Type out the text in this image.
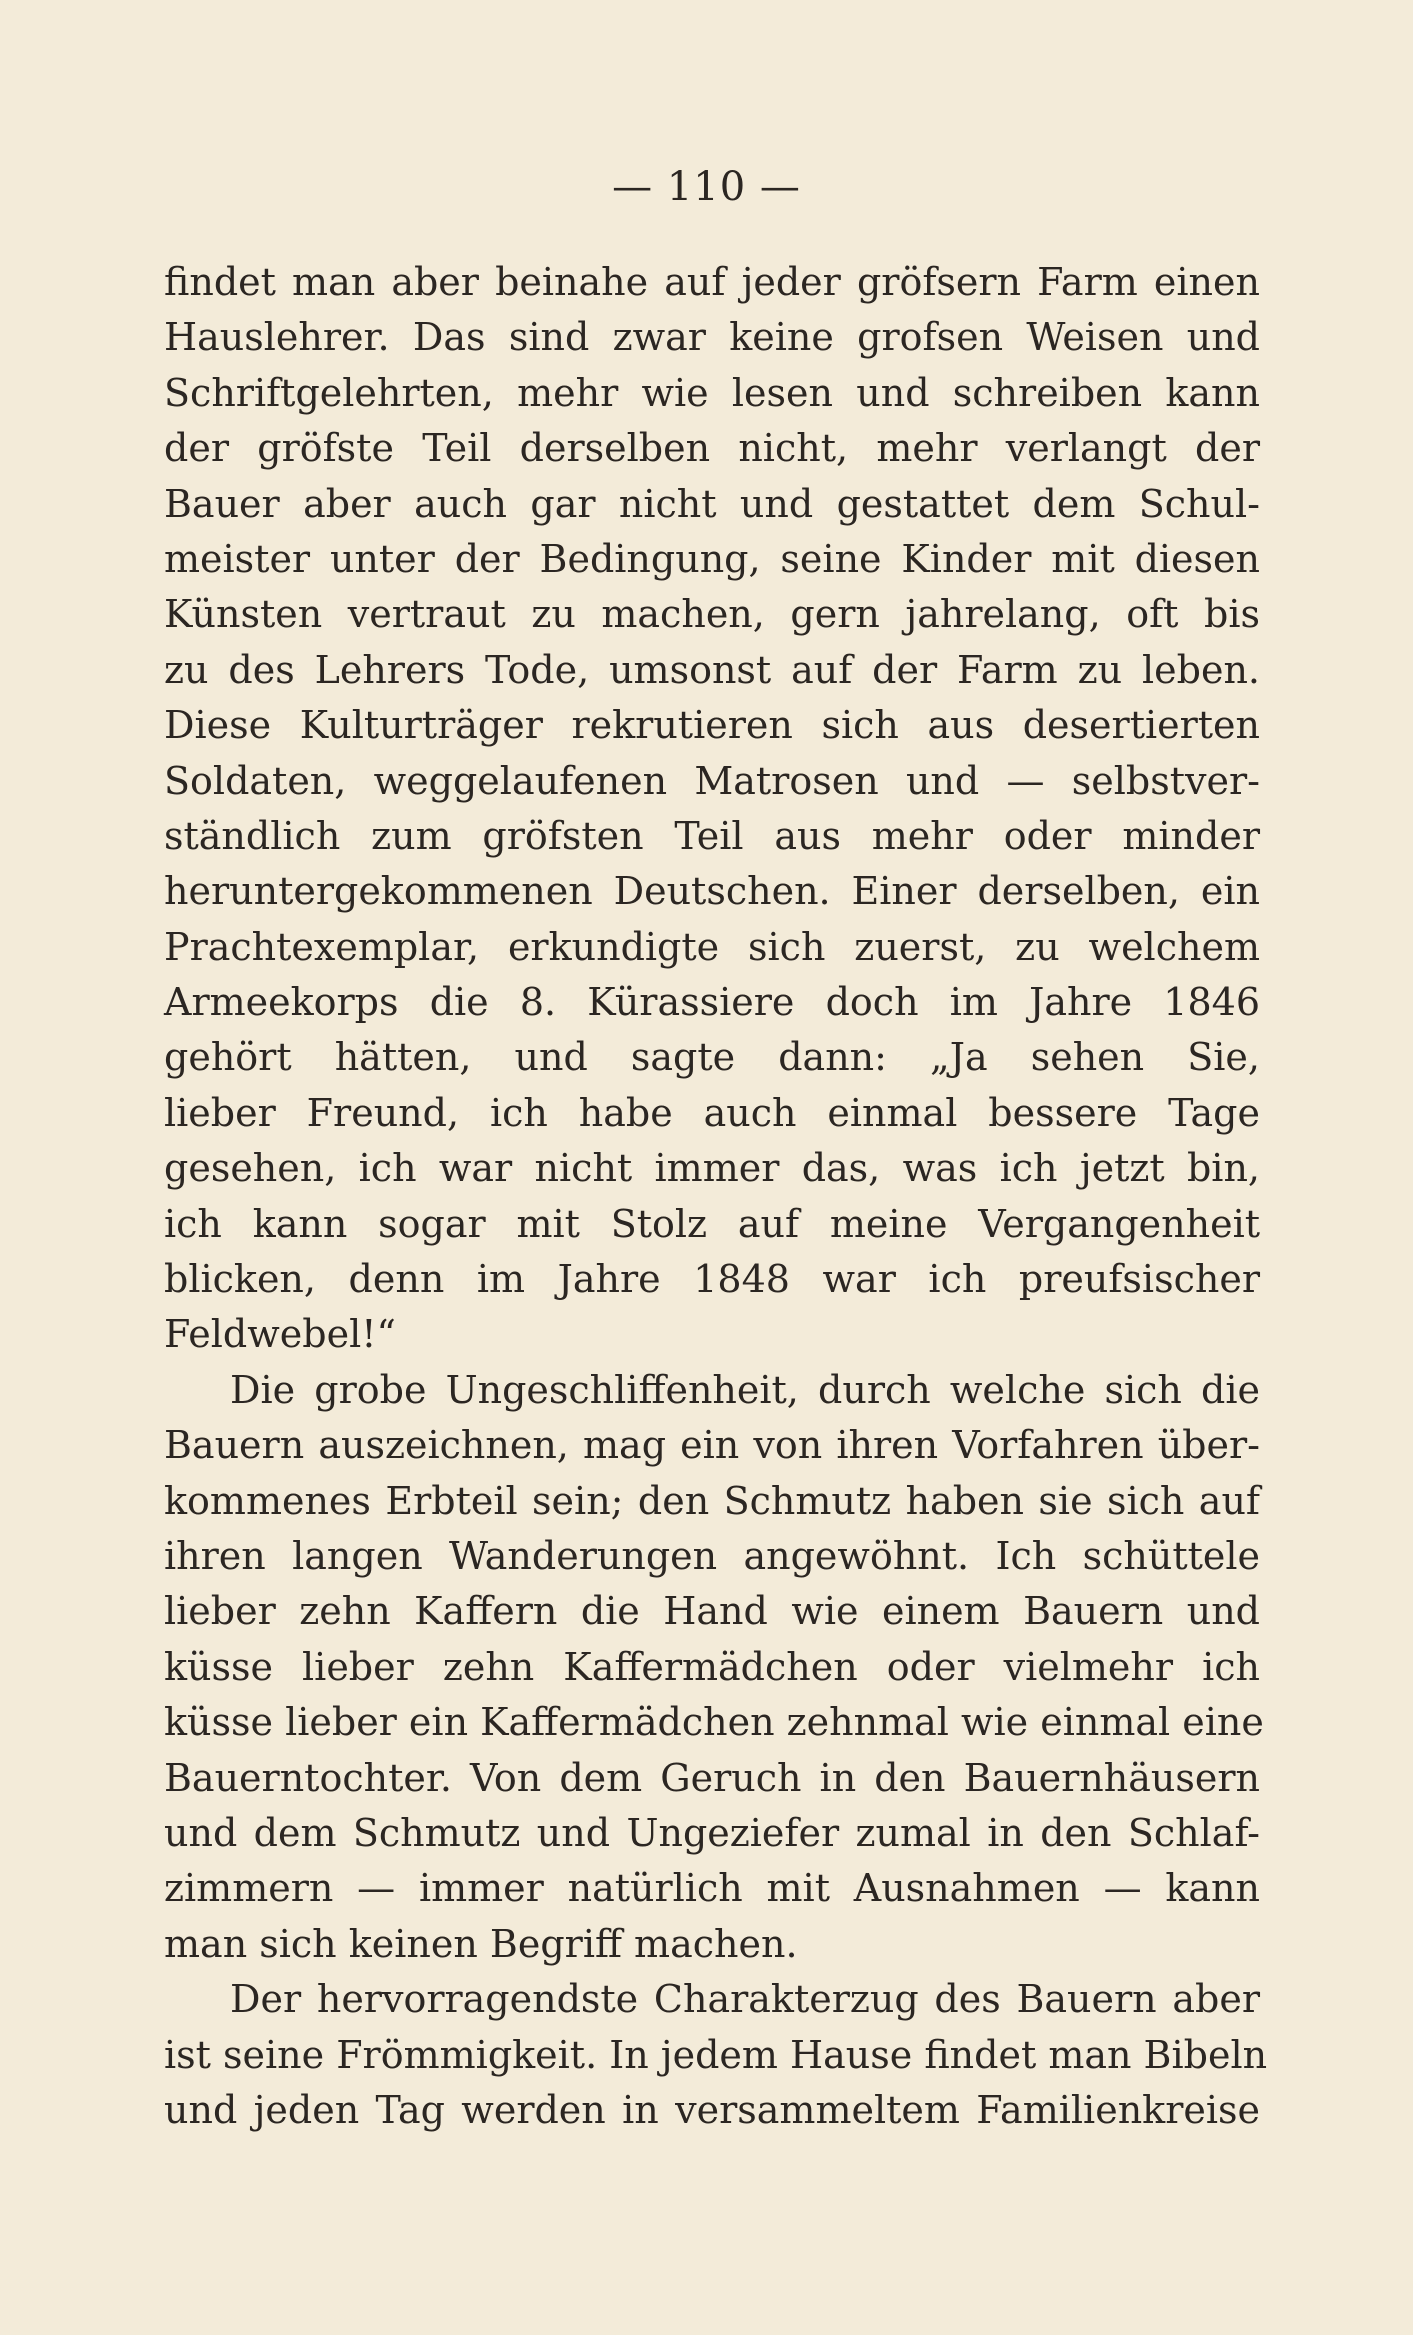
— 110 —

findet man aber beinahe auf jeder gröfsern Farm einen
Hauslehrer. Das sind zwar keine grofsen Weisen und
Schriftgelehrten, mehr wie lesen und schreiben kann
der gröfste Teil derselben nicht, mehr verlangt der
Bauer aber auch gar nicht und gestattet dem Schul-
meister unter der Bedingung, seine Kinder mit diesen
Künsten vertraut zu machen, gern jahrelang, oft bis
zu des Lehrers Tode, umsonst auf der Farm zu leben.
Diese Kulturträger rekrutieren sich aus desertierten
Soldaten, weggelaufenen Matrosen und — selbstver-
ständlich zum gröfsten Teil aus mehr oder minder
heruntergekommenen Deutschen. Einer derselben, ein
Prachtexemplar, erkundigte sich zuerst, zu welchem
Armeekorps die 8. Kürassiere doch im Jahre 1846
gehört hätten, und sagte dann: „Ja sehen Sie,
lieber Freund, ich habe auch einmal bessere Tage
gesehen, ich war nicht immer das, was ich jetzt bin,
ich kann sogar mit Stolz auf meine Vergangenheit
blicken, denn im Jahre 1848 war ich preufsischer
Feldwebel!“
Die grobe Ungeschliffenheit, durch welche sich die
Bauern auszeichnen, mag ein von ihren Vorfahren über-
kommenes Erbteil sein; den Schmutz haben sie sich auf
ihren langen Wanderungen angewöhnt. Ich schüttele
lieber zehn Kaffern die Hand wie einem Bauern und
küsse lieber zehn Kaffermädchen oder vielmehr ich
küsse lieber ein Kaffermädchen zehnmal wie einmal eine
Bauerntochter. Von dem Geruch in den Bauernhäusern
und dem Schmutz und Ungeziefer zumal in den Schlaf-
zimmern — immer natürlich mit Ausnahmen — kann
man sich keinen Begriff machen.
Der hervorragendste Charakterzug des Bauern aber
ist seine Frömmigkeit. In jedem Hause findet man Bibeln
und jeden Tag werden in versammeltem Familienkreise
